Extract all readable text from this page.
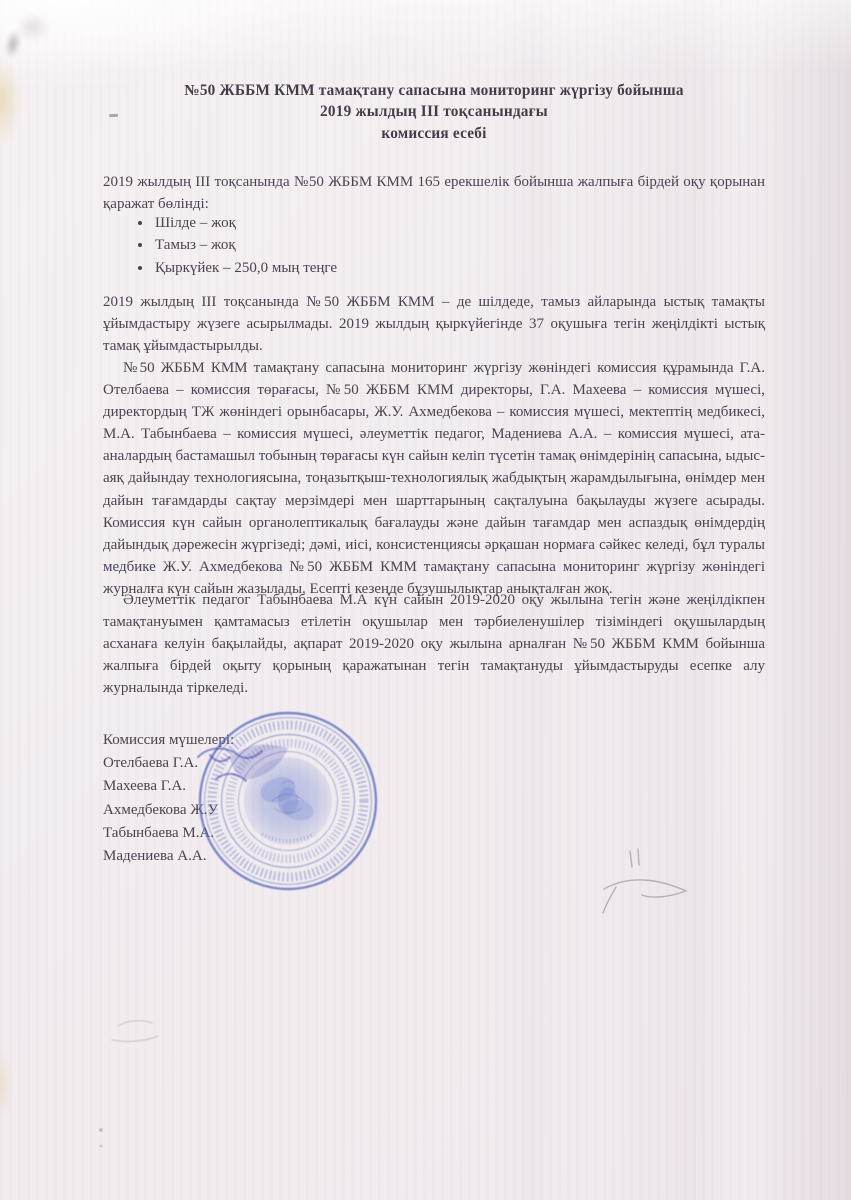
№50 ЖББМ КММ тамақтану сапасына мониторинг жүргізу бойынша
2019 жылдың ІІІ тоқсанындағы
комиссия есебі
2019 жылдың ІІІ тоқсанында №50 ЖББМ КММ 165 ерекшелік бойынша жалпыға бірдей оқу қорынан қаражат бөлінді:
• Шілде – жоқ
• Тамыз – жоқ
• Қыркүйек – 250,0 мың теңге
2019 жылдың ІІІ тоқсанында №50 ЖББМ КММ – де шілдеде, тамыз айларында ыстық тамақты ұйымдастыру жүзеге асырылмады. 2019 жылдың қыркүйегінде 37 оқушыға тегін жеңілдікті ыстық тамақ ұйымдастырылды.
№50 ЖББМ КММ тамақтану сапасына мониторинг жүргізу жөніндегі комиссия құрамында Г.А. Отелбаева – комиссия төрағасы, №50 ЖББМ КММ директоры, Г.А. Махеева – комиссия мүшесі, директордың ТЖ жөніндегі орынбасары, Ж.У. Ахмедбекова – комиссия мүшесі, мектептің медбикесі, М.А. Табынбаева – комиссия мүшесі, әлеуметтік педагог, Мадениева А.А. – комиссия мүшесі, ата-аналардың бастамашыл тобының төрағасы күн сайын келіп түсетін тамақ өнімдерінің сапасына, ыдыс-аяқ дайындау технологиясына, тоңазытқыш-технологиялық жабдықтың жарамдылығына, өнімдер мен дайын тағамдарды сақтау мерзімдері мен шарттарының сақталуына бақылауды жүзеге асырады. Комиссия күн сайын органолептикалық бағалауды және дайын тағамдар мен аспаздық өнімдердің дайындық дәрежесін жүргізеді; дәмі, иісі, консистенциясы әрқашан нормаға сәйкес келеді, бұл туралы медбике Ж.У. Ахмедбекова №50 ЖББМ КММ тамақтану сапасына мониторинг жүргізу жөніндегі журналға күн сайын жазылады. Есепті кезеңде бұзушылықтар анықталған жоқ.
Әлеуметтік педагог Табынбаева М.А күн сайын 2019-2020 оқу жылына тегін және жеңілдікпен тамақтануымен қамтамасыз етілетін оқушылар мен тәрбиеленушілер тізіміндегі оқушылардың асханаға келуін бақылайды, ақпарат 2019-2020 оқу жылына арналған №50 ЖББМ КММ бойынша жалпыға бірдей оқыту қорының қаражатынан тегін тамақтануды ұйымдастыруды есепке алу журналында тіркеледі.
Комиссия мүшелері:
Отелбаева Г.А.
Махеева Г.А.
Ахмедбекова Ж.У
Табынбаева М.А.
Мадениева А.А.
